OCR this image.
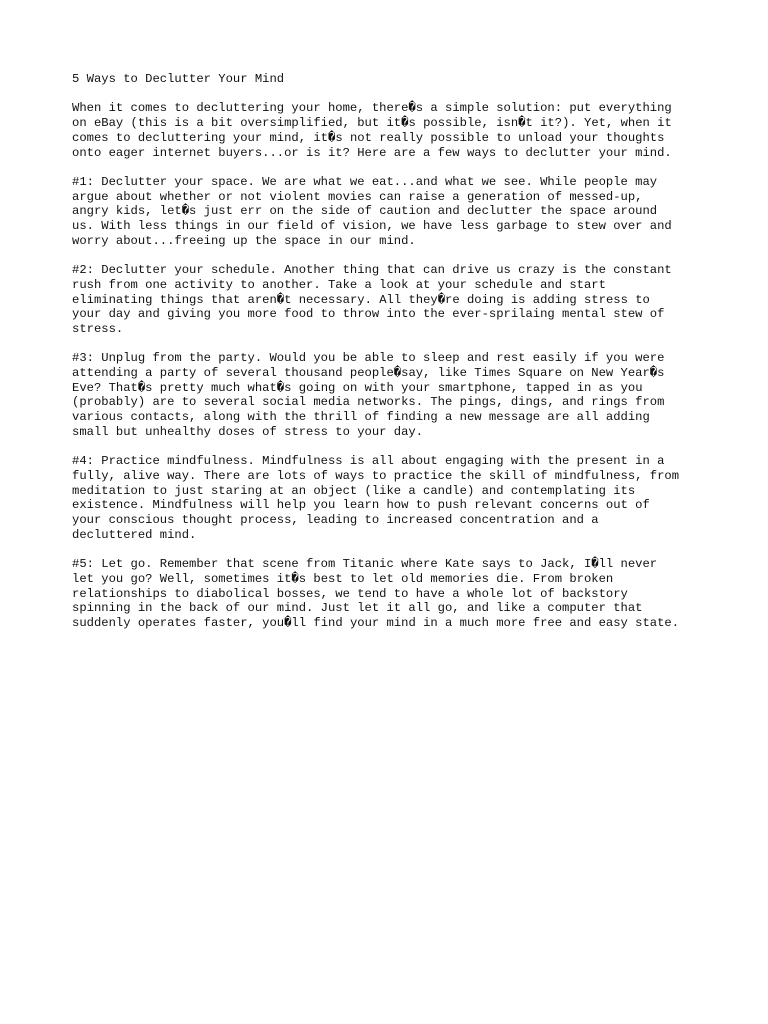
5 Ways to Declutter Your Mind

When it comes to decluttering your home, there�s a simple solution: put everything
on eBay (this is a bit oversimplified, but it�s possible, isn�t it?). Yet, when it
comes to decluttering your mind, it�s not really possible to unload your thoughts
onto eager internet buyers...or is it? Here are a few ways to declutter your mind.

#1: Declutter your space. We are what we eat...and what we see. While people may
argue about whether or not violent movies can raise a generation of messed-up,
angry kids, let�s just err on the side of caution and declutter the space around
us. With less things in our field of vision, we have less garbage to stew over and
worry about...freeing up the space in our mind.

#2: Declutter your schedule. Another thing that can drive us crazy is the constant
rush from one activity to another. Take a look at your schedule and start
eliminating things that aren�t necessary. All they�re doing is adding stress to
your day and giving you more food to throw into the ever-sprilaing mental stew of
stress.

#3: Unplug from the party. Would you be able to sleep and rest easily if you were
attending a party of several thousand people�say, like Times Square on New Year�s
Eve? That�s pretty much what�s going on with your smartphone, tapped in as you
(probably) are to several social media networks. The pings, dings, and rings from
various contacts, along with the thrill of finding a new message are all adding
small but unhealthy doses of stress to your day.

#4: Practice mindfulness. Mindfulness is all about engaging with the present in a
fully, alive way. There are lots of ways to practice the skill of mindfulness, from
meditation to just staring at an object (like a candle) and contemplating its
existence. Mindfulness will help you learn how to push relevant concerns out of
your conscious thought process, leading to increased concentration and a
decluttered mind.

#5: Let go. Remember that scene from Titanic where Kate says to Jack, I�ll never
let you go? Well, sometimes it�s best to let old memories die. From broken
relationships to diabolical bosses, we tend to have a whole lot of backstory
spinning in the back of our mind. Just let it all go, and like a computer that
suddenly operates faster, you�ll find your mind in a much more free and easy state.
